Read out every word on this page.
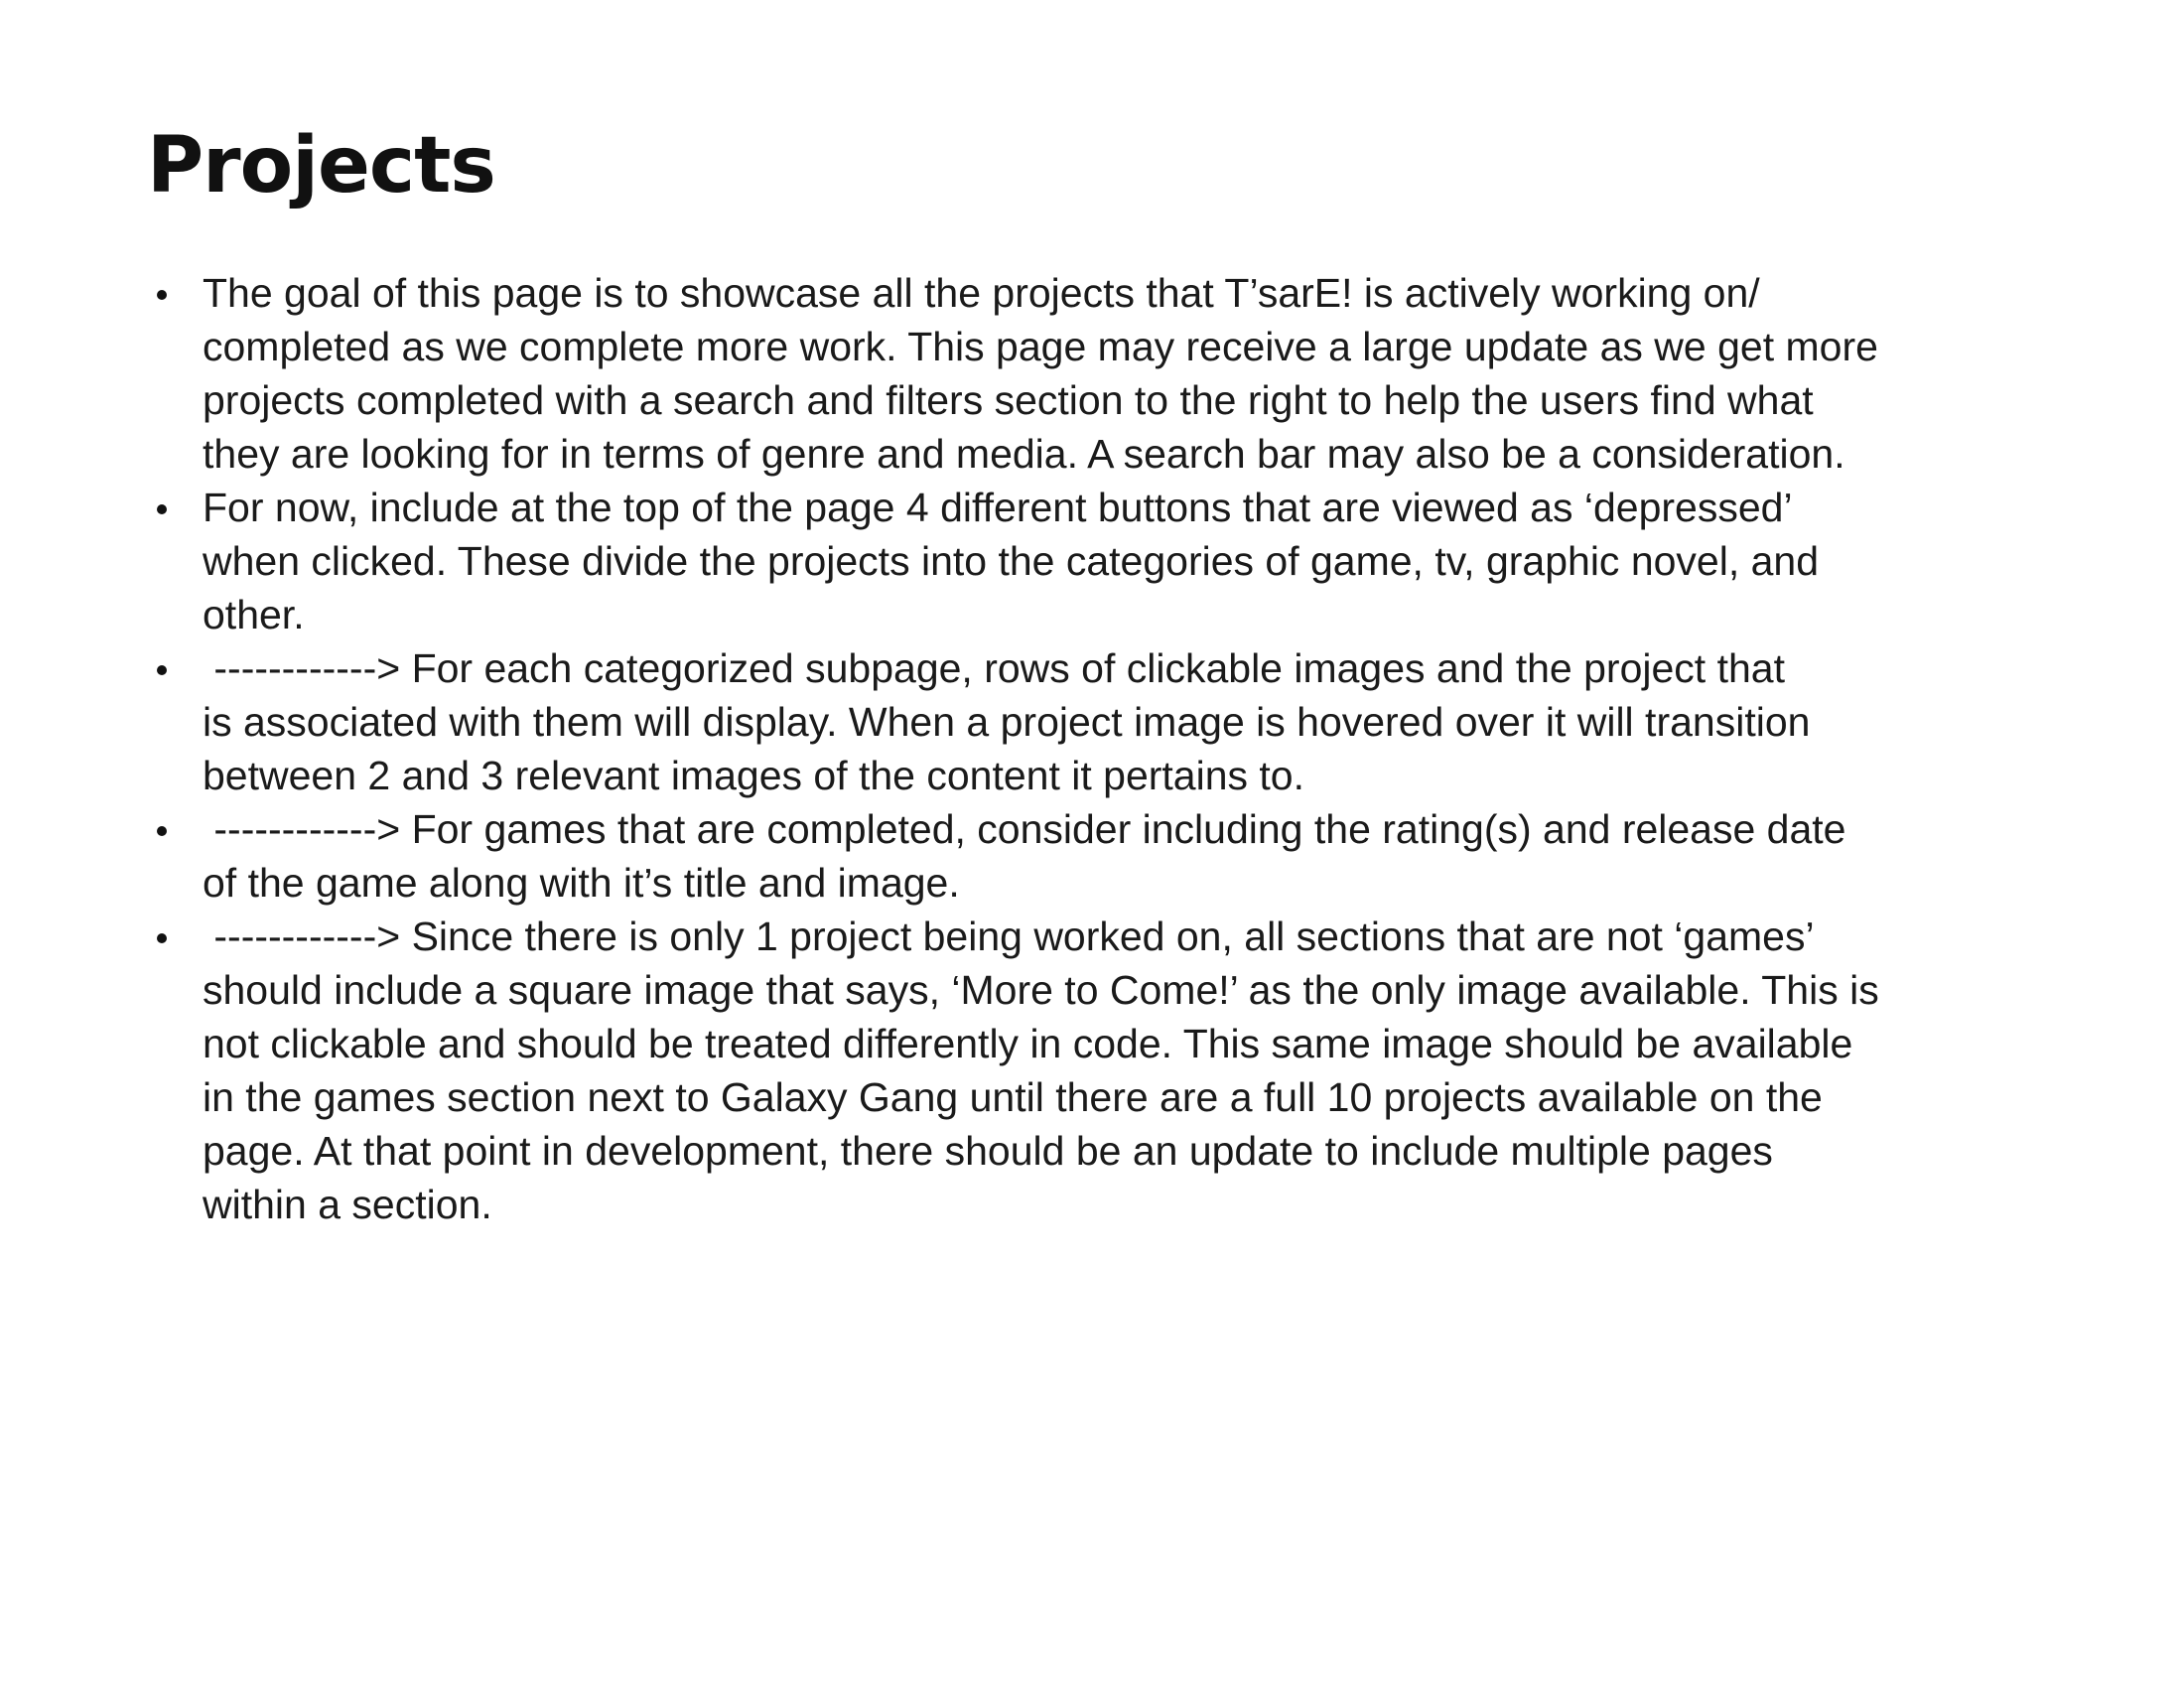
Projects
The goal of this page is to showcase all the projects that T’sarE! is actively working on/
completed as we complete more work. This page may receive a large update as we get more
projects completed with a search and filters section to the right to help the users find what
they are looking for in terms of genre and media. A search bar may also be a consideration.
For now, include at the top of the page 4 different buttons that are viewed as ‘depressed’
when clicked. These divide the projects into the categories of game, tv, graphic novel, and
other.
------------> For each categorized subpage, rows of clickable images and the project that
is associated with them will display. When a project image is hovered over it will transition
between 2 and 3 relevant images of the content it pertains to.
------------> For games that are completed, consider including the rating(s) and release date
of the game along with it’s title and image.
------------> Since there is only 1 project being worked on, all sections that are not ‘games’
should include a square image that says, ‘More to Come!’ as the only image available. This is
not clickable and should be treated differently in code. This same image should be available
in the games section next to Galaxy Gang until there are a full 10 projects available on the
page. At that point in development, there should be an update to include multiple pages
within a section.
